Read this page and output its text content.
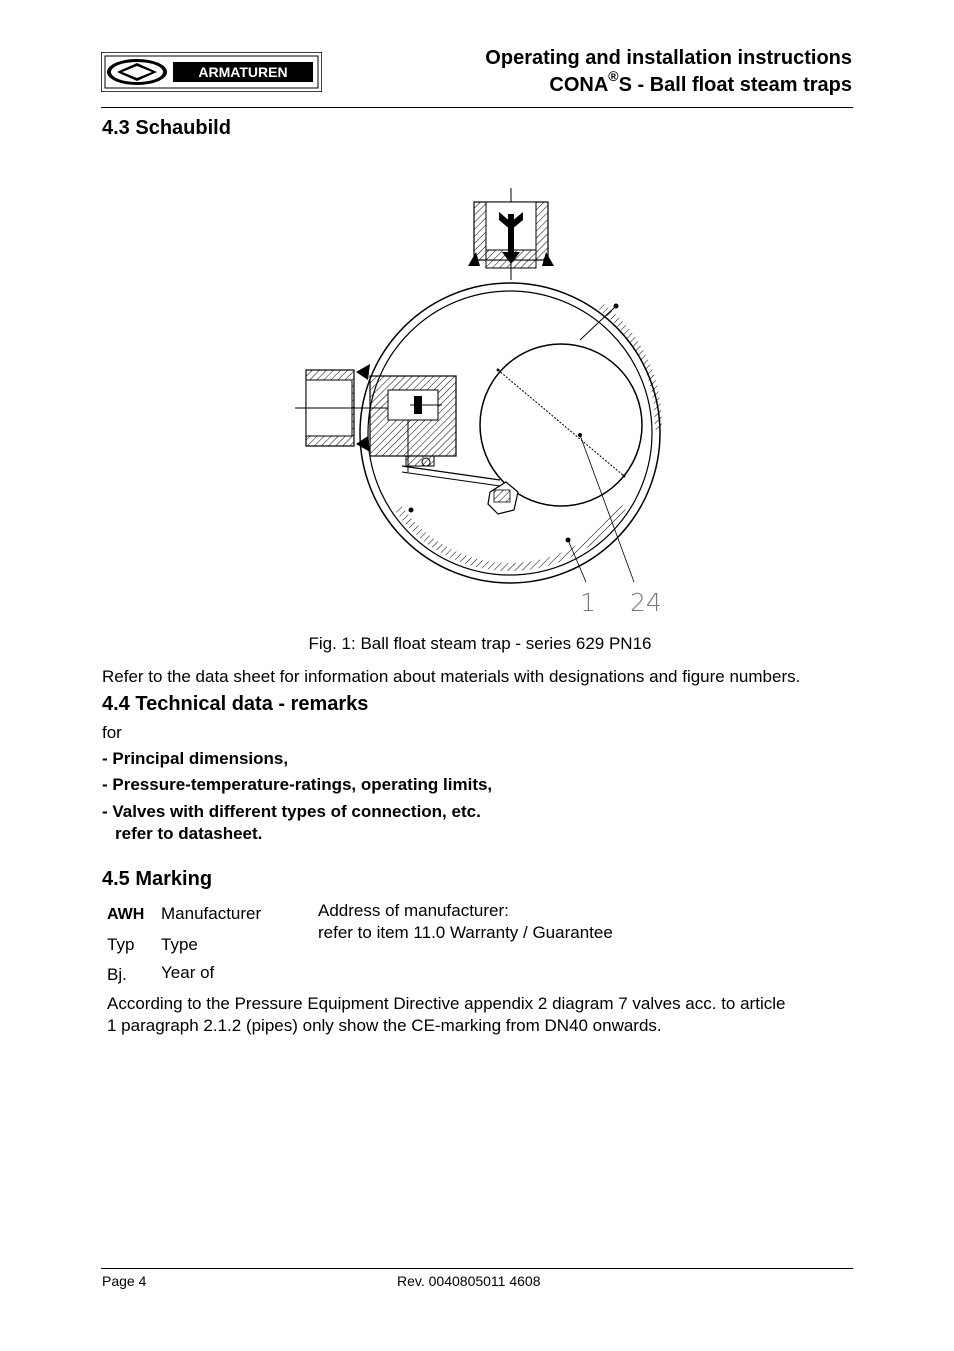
ARMATUREN
Operating and installation instructions
CONA®S - Ball float steam traps
4.3 Schaubild
1 24
Fig. 1: Ball float steam trap - series 629 PN16
Refer to the data sheet for information about materials with designations and figure numbers.
4.4 Technical data - remarks
for
- Principal dimensions,
- Pressure-temperature-ratings, operating limits,
- Valves with different types of connection, etc.
refer to datasheet.
4.5 Marking
AWH Manufacturer
Typ Type
Bj. Year of
Address of manufacturer:
refer to item 11.0 Warranty / Guarantee
According to the Pressure Equipment Directive appendix 2 diagram 7 valves acc. to article
1 paragraph 2.1.2 (pipes) only show the CE-marking from DN40 onwards.
Page 4	Rev. 0040805011 4608
